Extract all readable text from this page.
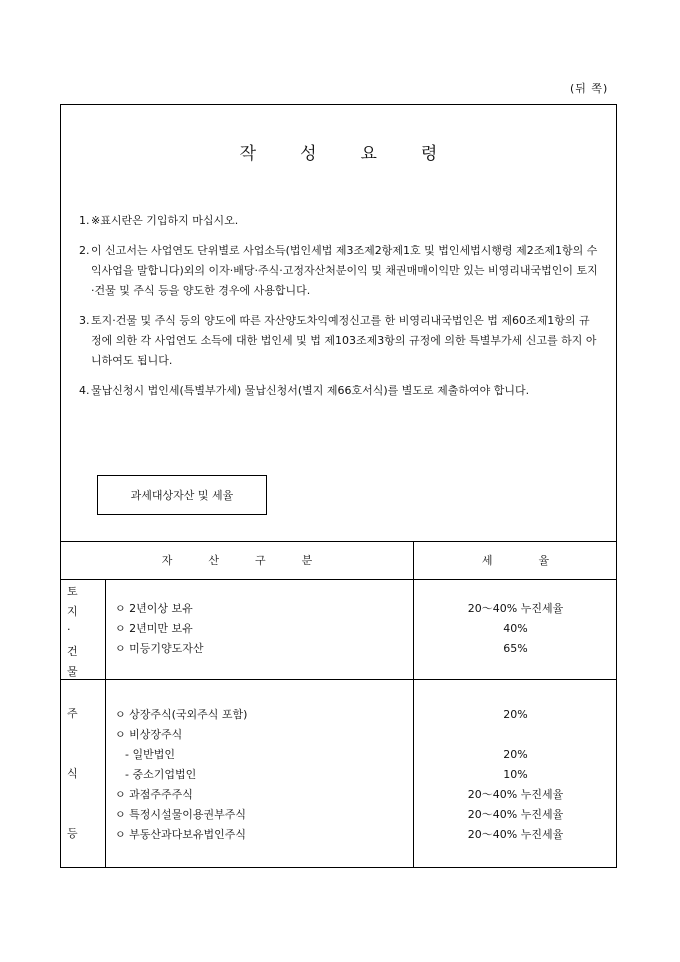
(뒤 쪽)
작성요령
1. ※표시란은 기입하지 마십시오.
2. 이 신고서는 사업연도 단위별로 사업소득(법인세법 제3조제2항제1호 및 법인세법시행령 제2조제1항의 수익사업을 말합니다)외의 이자·배당·주식·고정자산처분이익 및 채권매매이익만 있는 비영리내국법인이 토지·건물 및 주식 등을 양도한 경우에 사용합니다.
3. 토지·건물 및 주식 등의 양도에 따른 자산양도차익예정신고를 한 비영리내국법인은 법 제60조제1항의 규정에 의한 각 사업연도 소득에 대한 법인세 및 법 제103조제3항의 규정에 의한 특별부가세 신고를 하지 아니하여도 됩니다.
4. 물납신청시 법인세(특별부가세) 물납신청서(별지 제66호서식)를 별도로 제출하여야 합니다.
과세대상자산 및 세율
자산구분	세율
토
지
·
건
물
ㅇ 2년이상 보유
ㅇ 2년미만 보유
ㅇ 미등기양도자산
20～40% 누진세율
40%
65%
주
식
등
ㅇ 상장주식(국외주식 포함)
ㅇ 비상장주식
- 일반법인
- 중소기업법인
ㅇ 과점주주주식
ㅇ 특정시설물이용권부주식
ㅇ 부동산과다보유법인주식
20%
20%
10%
20～40% 누진세율
20～40% 누진세율
20～40% 누진세율
